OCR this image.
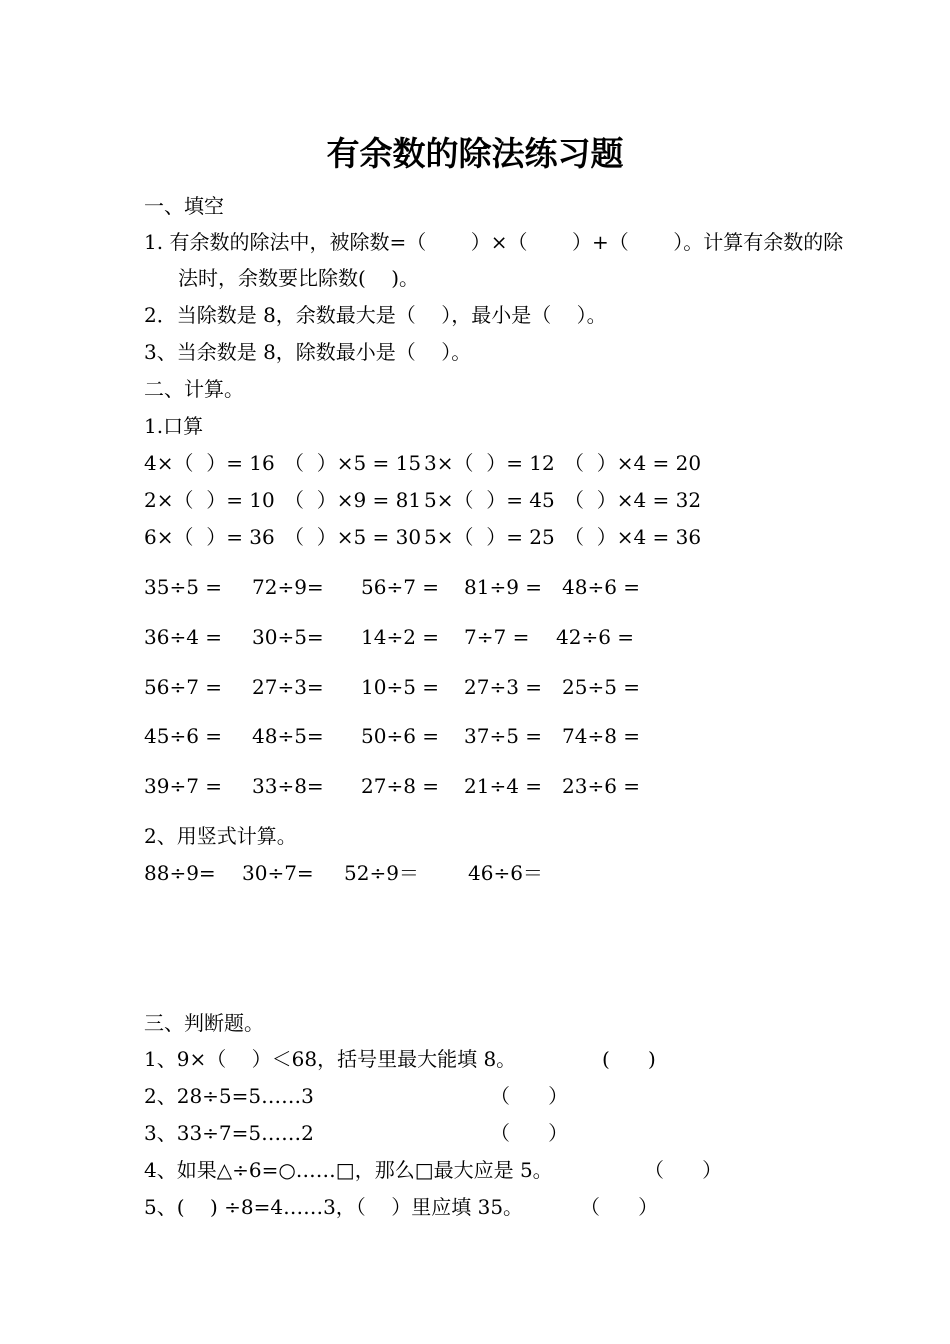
有余数的除法练习题
一、填空
1. 有余数的除法中，被除数=（       ）×（       ）+（       ）。计算有余数的除
法时，余数要比除数(    )。
2．当除数是 8，余数最大是（    ），最小是（    ）。
3、当余数是 8，除数最小是（    ）。
二、计算。
1.口算
4×（  ）= 16 （  ）×5 = 15 3×（  ）= 12 （  ）×4 = 20
2×（  ）= 10 （  ）×9 = 81 5×（  ）= 45 （  ）×4 = 32
6×（  ）= 36 （  ）×5 = 30 5×（  ）= 25 （  ）×4 = 36
35÷5 = 72÷9= 56÷7 = 81÷9 = 48÷6 =
36÷4 = 30÷5= 14÷2 = 7÷7 = 42÷6 =
56÷7 = 27÷3= 10÷5 = 27÷3 = 25÷5 =
45÷6 = 48÷5= 50÷6 = 37÷5 = 74÷8 =
39÷7 = 33÷8= 27÷8 = 21÷4 = 23÷6 =
2、用竖式计算。
88÷9= 30÷7= 52÷9＝ 46÷6＝
三、判断题。
1、9×（    ）＜68，括号里最大能填 8。	(      )
2、28÷5=5……3	（      ）
3、33÷7=5……2	（      ）
4、如果△÷6=○……□，那么□最大应是 5。	（      ）
5、(    ) ÷8=4……3，（    ）里应填 35。	（      ）
